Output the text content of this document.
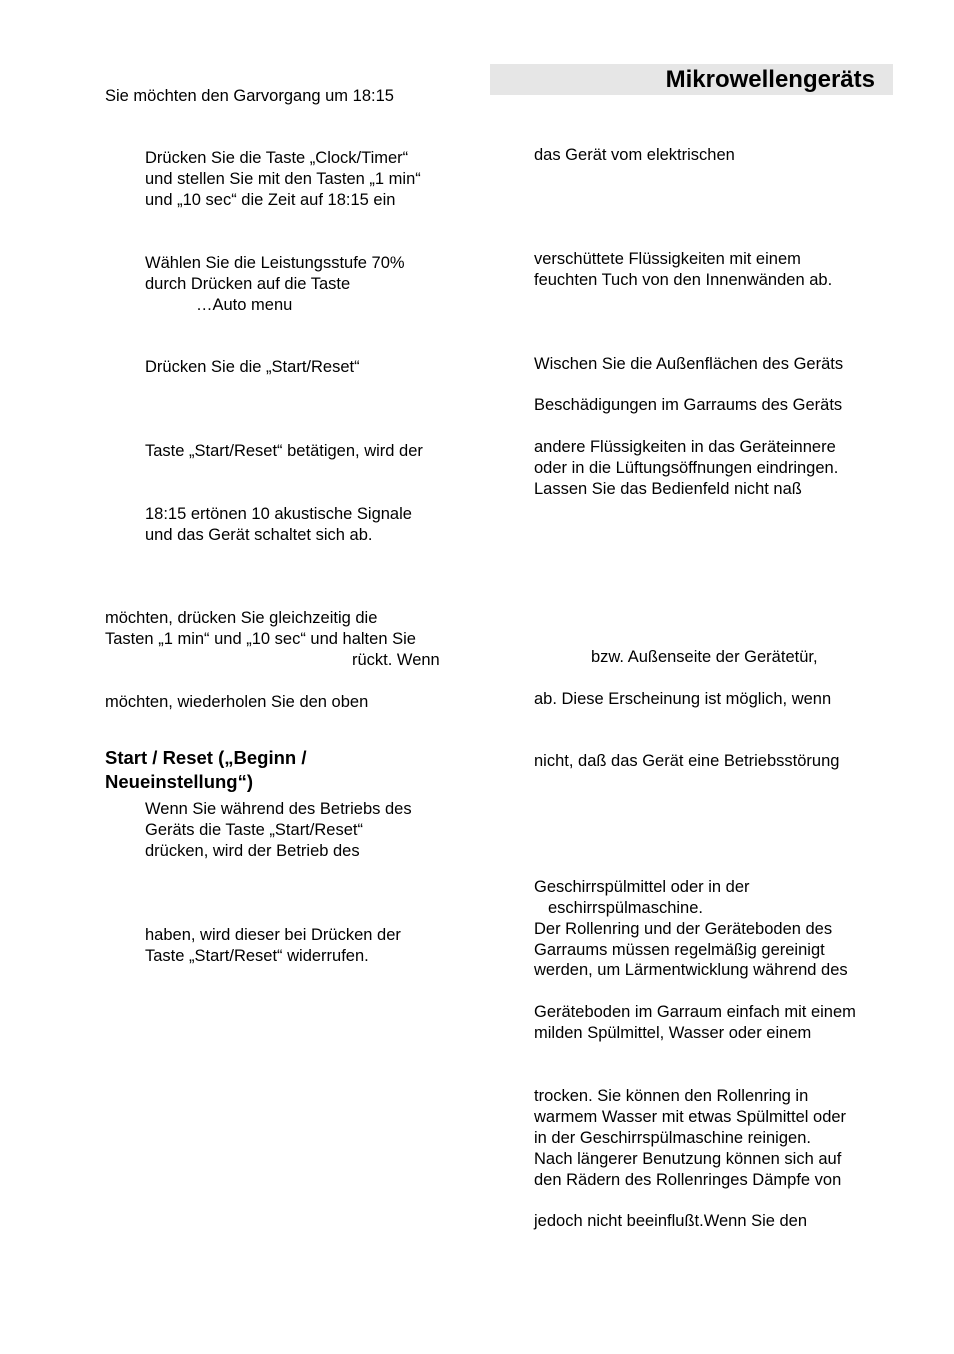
Mikrowellengeräts
Sie möchten den Garvorgang um 18:15
Drücken Sie die Taste „Clock/Timer“
und stellen Sie mit den Tasten „1 min“
und „10 sec“ die Zeit auf 18:15 ein
Wählen Sie die Leistungsstufe 70%
durch Drücken auf die Taste
…Auto menu
Drücken Sie die „Start/Reset“
Taste „Start/Reset“ betätigen, wird der
18:15 ertönen 10 akustische Signale
und das Gerät schaltet sich ab.
möchten, drücken Sie gleichzeitig die
Tasten „1 min“ und „10 sec“ und halten Sie
rückt. Wenn
möchten, wiederholen Sie den oben
Start / Reset („Beginn /
Neueinstellung“)
Wenn Sie während des Betriebs des
Geräts die Taste „Start/Reset“
drücken, wird der Betrieb des
haben, wird dieser bei Drücken der
Taste „Start/Reset“ widerrufen.
das Gerät vom elektrischen
verschüttete Flüssigkeiten mit einem
feuchten Tuch von den Innenwänden ab.
Wischen Sie die Außenflächen des Geräts
Beschädigungen im Garraums des Geräts
andere Flüssigkeiten in das Geräteinnere
oder in die Lüftungsöffnungen eindringen.
Lassen Sie das Bedienfeld nicht naß
bzw. Außenseite der Gerätetür,
ab. Diese Erscheinung ist möglich, wenn
nicht, daß das Gerät eine Betriebsstörung
Geschirrspülmittel oder in der
eschirrspülmaschine.
Der Rollenring und der Geräteboden des
Garraums müssen regelmäßig gereinigt
werden, um Lärmentwicklung während des
Geräteboden im Garraum einfach mit einem
milden Spülmittel, Wasser oder einem
trocken. Sie können den Rollenring in
warmem Wasser mit etwas Spülmittel oder
in der Geschirrspülmaschine reinigen.
Nach längerer Benutzung können sich auf
den Rädern des Rollenringes Dämpfe von
jedoch nicht beeinflußt.Wenn Sie den
